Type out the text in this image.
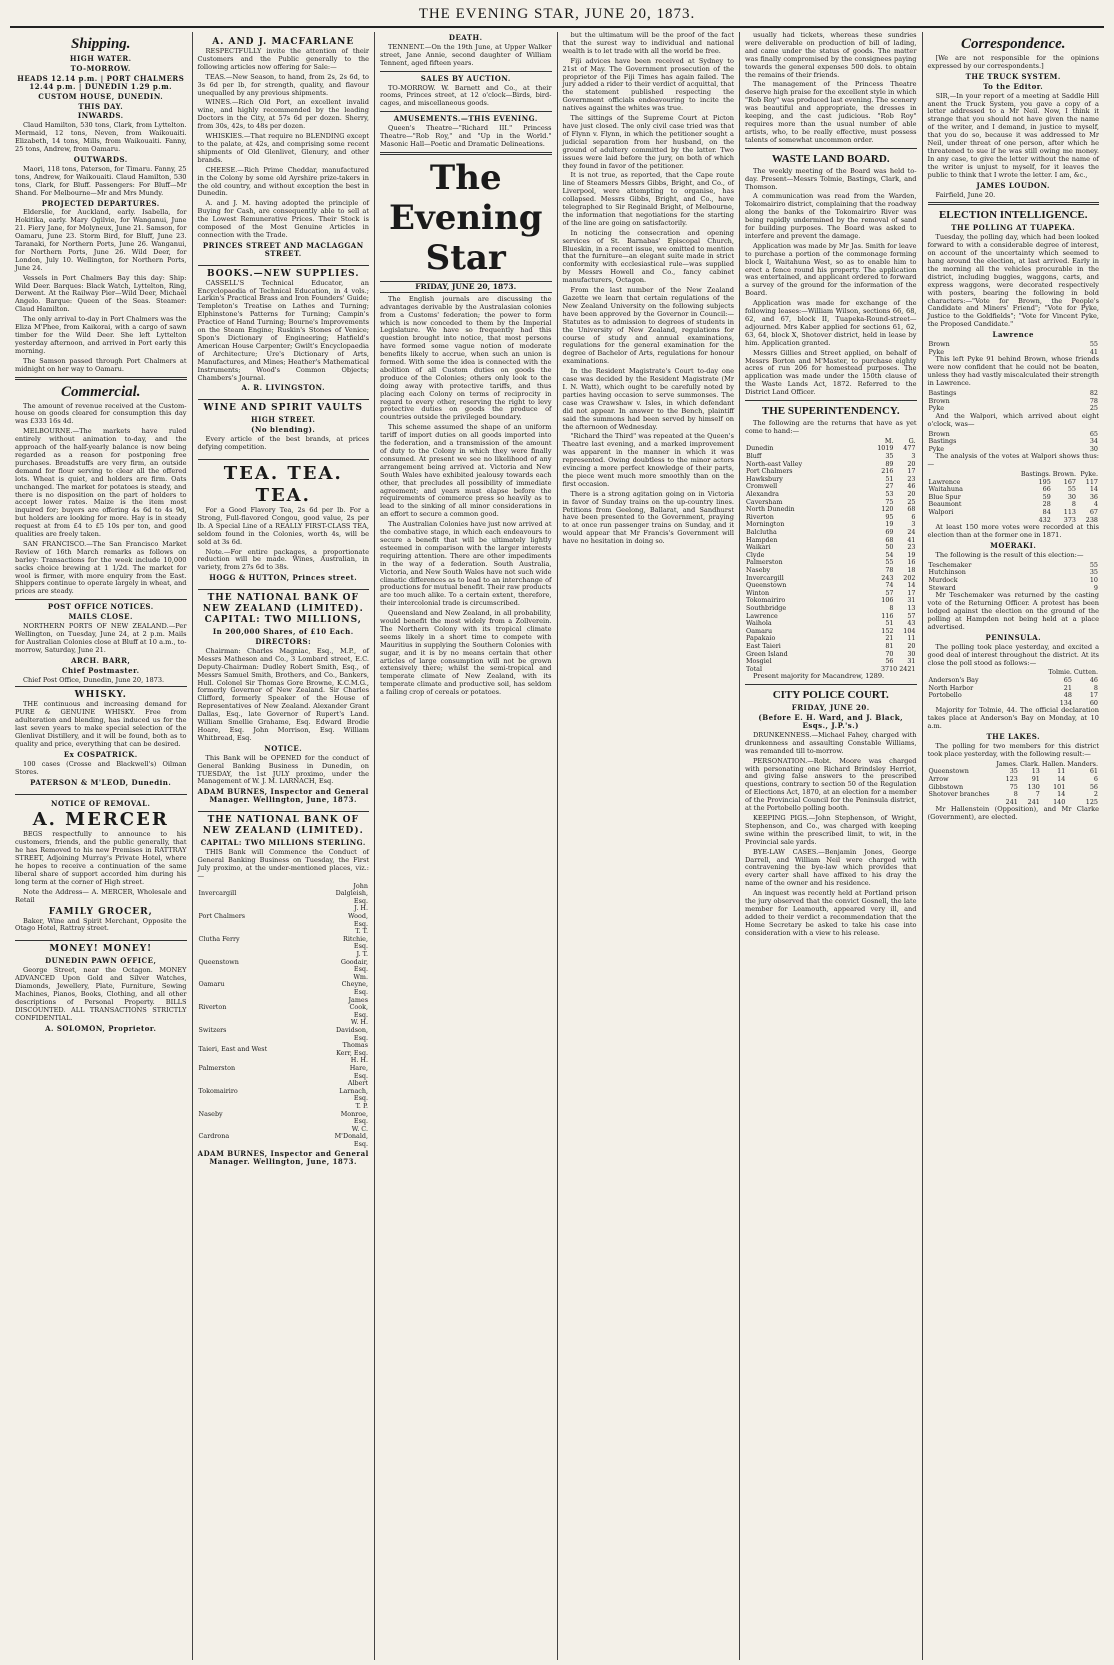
THE EVENING STAR, JUNE 20, 1873.
Shipping.
HIGH WATER.
TO-MORROW.
HEADS 12.14 p.m. | PORT CHALMERS 12.44 p.m. | DUNEDIN 1.29 p.m.
CUSTOM HOUSE, DUNEDIN.
THIS DAY.
INWARDS.

Claud Hamilton, 530 tons, Clark, from Lyttelton. Mermaid, 12 tons, Neven, from Waikouaiti. Elizabeth, 14 tons, Mills, from Waikouaiti. Fanny, 25 tons, Andrew, from Oamaru.

OUTWARDS.

Maori, 118 tons, Paterson, for Timaru. Fanny, 25 tons, Andrew, for Waikouaiti. Claud Hamilton, 530 tons, Clark, for Bluff. Passengers: For Bluff—Mr Shand. For Melbourne—Mr and Mrs Mundy.

PROJECTED DEPARTURES.

Elderslie, for Auckland, early. Isabella, for Hokitika, early. Mary Ogilvie, for Wanganui, June 21. Fiery Jane, for Molyneux, June 21. Samson, for Oamaru, June 23. Storm Bird, for Bluff, June 23. Taranaki, for Northern Ports, June 26. Wanganui, for Northern Ports, June 26. Wild Deer, for London, July 10. Wellington, for Northern Ports, June 24.

Vessels in Port Chalmers Bay this day: Ship: Wild Deer. Barques: Black Watch, Lyttelton, Ring, Derwent. At the Railway Pier—Wild Deer, Michael Angelo. Barque: Queen of the Seas. Steamer: Claud Hamilton.

The only arrival to-day in Port Chalmers was the Eliza M'Phee, from Kaikorai, with a cargo of sawn timber for the Wild Deer. She left Lyttelton yesterday afternoon, and arrived in Port early this morning.

The Samson passed through Port Chalmers at midnight on her way to Oamaru.

Commercial.

The amount of revenue received at the Custom-house on goods cleared for consumption this day was £333 16s 4d.

MELBOURNE.—The markets have ruled entirely without animation to-day, and the approach of the half-yearly balance is now being regarded as a reason for postponing free purchases. Breadstuffs are very firm, an outside demand for flour serving to clear all the offered lots. Wheat is quiet, and holders are firm. Oats unchanged. The market for potatoes is steady, and there is no disposition on the part of holders to accept lower rates. Maize is the item most inquired for; buyers are offering 4s 6d to 4s 9d, but holders are looking for more. Hay is in steady request at from £4 to £5 10s per ton, and good qualities are freely taken.

SAN FRANCISCO.—The San Francisco Market Review of 16th March remarks as follows on barley: Transactions for the week include 10,000 sacks choice brewing at 1 1/2d. The market for wool is firmer, with more enquiry from the East. Shippers continue to operate largely in wheat, and prices are steady.

POST OFFICE NOTICES.
MAILS CLOSE.

NORTHERN PORTS OF NEW ZEALAND.—Per Wellington, on Tuesday, June 24, at 2 p.m. Mails for Australian Colonies close at Bluff at 10 a.m., to-morrow, Saturday, June 21.

ARCH. BARR,
Chief Postmaster.

Chief Post Office, Dunedin, June 20, 1873.

WHISKY.

THE continuous and increasing demand for PURE & GENUINE WHISKY. Free from adulteration and blending, has induced us for the last seven years to make special selection of the Glenlivat Distillery, and it will be found, both as to quality and price, everything that can be desired.

Ex COSPATRICK.

100 cases (Crosse and Blackwell's) Oilman Stores.

PATERSON & M'LEOD, Dunedin.
NOTICE OF REMOVAL.
A. MERCER

BEGS respectfully to announce to his customers, friends, and the public generally, that he has Removed to his new Premises in RATTRAY STREET, Adjoining Murray's Private Hotel, where he hopes to receive a continuation of the same liberal share of support accorded him during his long term at the corner of High street.

Note the Address— A. MERCER, Wholesale and Retail

FAMILY GROCER,

Baker, Wine and Spirit Merchant, Opposite the Otago Hotel, Rattray street.

MONEY! MONEY!
DUNEDIN PAWN OFFICE,

George Street, near the Octagon. MONEY ADVANCED Upon Gold and Silver Watches, Diamonds, Jewellery, Plate, Furniture, Sewing Machines, Pianos, Books, Clothing, and all other descriptions of Personal Property. BILLS DISCOUNTED. ALL TRANSACTIONS STRICTLY CONFIDENTIAL.

A. SOLOMON, Proprietor.
A. AND J. MACFARLANE

RESPECTFULLY invite the attention of their Customers and the Public generally to the following articles now offering for Sale:—

TEAS.—New Season, to hand, from 2s, 2s 6d, to 3s 6d per lb, for strength, quality, and flavour unequalled by any previous shipments.

WINES.—Rich Old Port, an excellent invalid wine, and highly recommended by the leading Doctors in the City, at 57s 6d per dozen. Sherry, from 30s, 42s, to 48s per dozen.

WHISKIES.—That require no BLENDING except to the palate, at 42s, and comprising some recent shipments of Old Glenlivet, Glenury, and other brands.

CHEESE.—Rich Prime Cheddar, manufactured in the Colony by some old Ayrshire prize-takers in the old country, and without exception the best in Dunedin.

A. and J. M. having adopted the principle of Buying for Cash, are consequently able to sell at the Lowest Remunerative Prices. Their Stock is composed of the Most Genuine Articles in connection with the Trade.

PRINCES STREET AND MACLAGGAN STREET.
BOOKS.—NEW SUPPLIES.

CASSELL'S Technical Educator, an Encyclopaedia of Technical Education, in 4 vols.; Larkin's Practical Brass and Iron Founders' Guide; Templeton's Treatise on Lathes and Turning; Elphinstone's Patterns for Turning; Campin's Practice of Hand Turning; Bourne's Improvements on the Steam Engine; Ruskin's Stones of Venice; Spon's Dictionary of Engineering; Hatfield's American House Carpenter; Gwilt's Encyclopaedia of Architecture; Ure's Dictionary of Arts, Manufactures, and Mines; Heather's Mathematical Instruments; Wood's Common Objects; Chambers's Journal.

A. R. LIVINGSTON.
WINE AND SPIRIT VAULTS
HIGH STREET.
(No blending).

Every article of the best brands, at prices defying competition.

TEA. TEA. TEA.

For a Good Flavory Tea, 2s 6d per lb. For a Strong, Full-flavored Congou, good value, 2s per lb. A Special Line of a REALLY FIRST-CLASS TEA, seldom found in the Colonies, worth 4s, will be sold at 3s 6d.

Note.—For entire packages, a proportionate reduction will be made. Wines, Australian, in variety, from 27s 6d to 38s.

HOGG & HUTTON, Princes street.
THE NATIONAL BANK OF NEW ZEALAND (LIMITED).
CAPITAL: TWO MILLIONS,
In 200,000 Shares, of £10 Each.
DIRECTORS:

Chairman: Charles Magniac, Esq., M.P., of Messrs Matheson and Co., 3 Lombard street, E.C. Deputy-Chairman: Dudley Robert Smith, Esq., of Messrs Samuel Smith, Brothers, and Co., Bankers, Hull. Colonel Sir Thomas Gore Browne, K.C.M.G., formerly Governor of New Zealand. Sir Charles Clifford, formerly Speaker of the House of Representatives of New Zealand. Alexander Grant Dallas, Esq., late Governor of Rupert's Land. William Smellie Grahame, Esq. Edward Brodie Hoare, Esq. John Morrison, Esq. William Whitbread, Esq.

NOTICE.

This Bank will be OPENED for the conduct of General Banking Business in Dunedin, on TUESDAY, the 1st JULY proximo, under the Management of W. J. M. LARNACH, Esq.

ADAM BURNES, Inspector and General Manager. Wellington, June, 1873.
THE NATIONAL BANK OF NEW ZEALAND (LIMITED).
CAPITAL: TWO MILLIONS STERLING.

THIS Bank will Commence the Conduct of General Banking Business on Tuesday, the First July proximo, at the under-mentioned places, viz.:—

Invercargill	John Dalgleish, Esq.
Port Chalmers	J. H. Wood, Esq.
Clutha Ferry	T. T. Ritchie, Esq.
Queenstown	J. T. Goodair, Esq.
Oamaru	Wm. Cheyne, Esq.
Riverton	James Cook, Esq.
Switzers	W. H. Davidson, Esq.
Taieri, East and West	Thomas Kerr, Esq.
Palmerston	H. H. Hare, Esq.
Tokomairiro	Albert Larnach, Esq.
Naseby	T. P. Monroe, Esq.
Cardrona	W. C. M'Donald, Esq.
ADAM BURNES, Inspector and General Manager. Wellington, June, 1873.
DEATH.

TENNENT.—On the 19th June, at Upper Walker street, Jane Annie, second daughter of William Tennent, aged fifteen years.

SALES BY AUCTION.

TO-MORROW. W. Barnett and Co., at their rooms, Princes street, at 12 o'clock—Birds, bird-cages, and miscellaneous goods.

AMUSEMENTS.—THIS EVENING.

Queen's Theatre—"Richard III." Princess Theatre—"Rob Roy," and "Up in the World." Masonic Hall—Poetic and Dramatic Delineations.

The Evening Star
FRIDAY, JUNE 20, 1873.

The English journals are discussing the advantages derivable by the Australasian colonies from a Customs' federation; the power to form which is now conceded to them by the Imperial Legislature. We have so frequently had this question brought into notice, that most persons have formed some vague notion of moderate benefits likely to accrue, when such an union is formed. With some the idea is connected with the abolition of all Custom duties on goods the produce of the Colonies; others only look to the doing away with protective tariffs, and thus placing each Colony on terms of reciprocity in regard to every other, reserving the right to levy protective duties on goods the produce of countries outside the privileged boundary.

This scheme assumed the shape of an uniform tariff of import duties on all goods imported into the federation, and a transmission of the amount of duty to the Colony in which they were finally consumed. At present we see no likelihood of any arrangement being arrived at. Victoria and New South Wales have exhibited jealousy towards each other, that precludes all possibility of immediate agreement; and years must elapse before the requirements of commerce press so heavily as to lead to the sinking of all minor considerations in an effort to secure a common good.

The Australian Colonies have just now arrived at the combative stage, in which each endeavours to secure a benefit that will be ultimately lightly esteemed in comparison with the larger interests requiring attention. There are other impediments in the way of a federation. South Australia, Victoria, and New South Wales have not such wide climatic differences as to lead to an interchange of productions for mutual benefit. Their raw products are too much alike. To a certain extent, therefore, their intercolonial trade is circumscribed.

Queensland and New Zealand, in all probability, would benefit the most widely from a Zollverein. The Northern Colony with its tropical climate seems likely in a short time to compete with Mauritius in supplying the Southern Colonies with sugar, and it is by no means certain that other articles of large consumption will not be grown extensively there; whilst the semi-tropical and temperate climate of New Zealand, with its temperate climate and productive soil, has seldom a failing crop of cereals or potatoes.

but the ultimatum will be the proof of the fact that the surest way to individual and national wealth is to let trade with all the world be free.

Fiji advices have been received at Sydney to 21st of May. The Government prosecution of the proprietor of the Fiji Times has again failed. The jury added a rider to their verdict of acquittal, that the statement published respecting the Government officials endeavouring to incite the natives against the whites was true.

The sittings of the Supreme Court at Picton have just closed. The only civil case tried was that of Flynn v. Flynn, in which the petitioner sought a judicial separation from her husband, on the ground of adultery committed by the latter. Two issues were laid before the jury, on both of which they found in favor of the petitioner.

It is not true, as reported, that the Cape route line of Steamers Messrs Gibbs, Bright, and Co., of Liverpool, were attempting to organise, has collapsed. Messrs Gibbs, Bright, and Co., have telegraphed to Sir Reginald Bright, of Melbourne, the information that negotiations for the starting of the line are going on satisfactorily.

In noticing the consecration and opening services of St. Barnabas' Episcopal Church, Blueskin, in a recent issue, we omitted to mention that the furniture—an elegant suite made in strict conformity with ecclesiastical rule—was supplied by Messrs Howell and Co., fancy cabinet manufacturers, Octagon.

From the last number of the New Zealand Gazette we learn that certain regulations of the New Zealand University on the following subjects have been approved by the Governor in Council:—Statutes as to admission to degrees of students in the University of New Zealand, regulations for course of study and annual examinations, regulations for the general examination for the degree of Bachelor of Arts, regulations for honour examinations.

In the Resident Magistrate's Court to-day one case was decided by the Resident Magistrate (Mr I. N. Watt), which ought to be carefully noted by parties having occasion to serve summonses. The case was Crawshaw v. Isles, in which defendant did not appear. In answer to the Bench, plaintiff said the summons had been served by himself on the afternoon of Wednesday.

"Richard the Third" was repeated at the Queen's Theatre last evening, and a marked improvement was apparent in the manner in which it was represented. Owing doubtless to the minor actors evincing a more perfect knowledge of their parts, the piece went much more smoothly than on the first occasion.

There is a strong agitation going on in Victoria in favor of Sunday trains on the up-country lines. Petitions from Geelong, Ballarat, and Sandhurst have been presented to the Government, praying to at once run passenger trains on Sunday, and it would appear that Mr Francis's Government will have no hesitation in doing so.

usually had tickets, whereas these sundries were deliverable on production of bill of lading, and came under the status of goods. The matter was finally compromised by the consignees paying towards the general expenses 500 dols. to obtain the remains of their friends.

The management of the Princess Theatre deserve high praise for the excellent style in which "Rob Roy" was produced last evening. The scenery was beautiful and appropriate, the dresses in keeping, and the cast judicious. "Rob Roy" requires more than the usual number of able artists, who, to be really effective, must possess talents of somewhat uncommon order.

WASTE LAND BOARD.

The weekly meeting of the Board was held to-day. Present—Messrs Tolmie, Bastings, Clark, and Thomson.

A communication was read from the Warden, Tokomairiro district, complaining that the roadway along the banks of the Tokomairiro River was being rapidly undermined by the removal of sand for building purposes. The Board was asked to interfere and prevent the damage.

Application was made by Mr Jas. Smith for leave to purchase a portion of the commonage forming block I, Waitahuna West, so as to enable him to erect a fence round his property. The application was entertained, and applicant ordered to forward a survey of the ground for the information of the Board.

Application was made for exchange of the following leases:—William Wilson, sections 66, 68, 62, and 67, block II, Tuapeka-Round-street—adjourned. Mrs Kaber applied for sections 61, 62, 63, 64, block X, Shotover district, held in lease by him. Application granted.

Messrs Gillies and Street applied, on behalf of Messrs Borton and M'Master, to purchase eighty acres of run 206 for homestead purposes. The application was made under the 150th clause of the Waste Lands Act, 1872. Referred to the District Land Officer.

THE SUPERINTENDENCY.

The following are the returns that have as yet come to hand:—

	M.	G.
Dunedin	1019	477
Bluff	35	3
North-east Valley	89	20
Port Chalmers	216	17
Hawksbury	51	23
Cromwell	27	46
Alexandra	53	20
Caversham	75	25
North Dunedin	120	68
Riverton	95	6
Mornington	19	3
Balclutha	69	24
Hampden	68	41
Waikari	50	23
Clyde	54	19
Palmerston	55	16
Naseby	78	18
Invercargill	243	202
Queenstown	74	14
Winton	57	17
Tokomairiro	106	31
Southbridge	8	13
Lawrence	116	57
Waihola	51	43
Oamaru	152	104
Papakaio	21	11
East Taieri	81	20
Green Island	70	30
Mosgiel	56	31
Total	3710 2421

Present majority for Macandrew, 1289.

CITY POLICE COURT.
FRIDAY, JUNE 20.
(Before E. H. Ward, and J. Black, Esqs., J.P.'s.)

DRUNKENNESS.—Michael Fahey, charged with drunkenness and assaulting Constable Williams, was remanded till to-morrow.

PERSONATION.—Robt. Moore was charged with personating one Richard Brindsley Herriot, and giving false answers to the prescribed questions, contrary to section 50 of the Regulation of Elections Act, 1870, at an election for a member of the Provincial Council for the Peninsula district, at the Portobello polling booth.

KEEPING PIGS.—John Stephenson, of Wright, Stephenson, and Co., was charged with keeping swine within the prescribed limit, to wit, in the Provincial sale yards.

BYE-LAW CASES.—Benjamin Jones, George Darrell, and William Neil were charged with contravening the bye-law which provides that every carter shall have affixed to his dray the name of the owner and his residence.

An inquest was recently held at Portland prison the jury observed that the convict Gosnell, the late member for Leamouth, appeared very ill, and added to their verdict a recommendation that the Home Secretary be asked to take his case into consideration with a view to his release.

Correspondence.

[We are not responsible for the opinions expressed by our correspondents.]

THE TRUCK SYSTEM.
To the Editor.

SIR,—In your report of a meeting at Saddle Hill anent the Truck System, you gave a copy of a letter addressed to a Mr Neil. Now, I think it strange that you should not have given the name of the writer, and I demand, in justice to myself, that you do so, because it was addressed to Mr Neil, under threat of one person, after which he threatened to sue if he was still owing me money. In any case, to give the letter without the name of the writer is unjust to myself, for it leaves the public to think that I wrote the letter. I am, &c.,

JAMES LOUDON.

Fairfield, June 20.

ELECTION INTELLIGENCE.
THE POLLING AT TUAPEKA.

Tuesday, the polling day, which had been looked forward to with a considerable degree of interest, on account of the uncertainty which seemed to hang around the election, at last arrived. Early in the morning all the vehicles procurable in the district, including buggies, waggons, carts, and express waggons, were decorated respectively with posters, bearing the following in bold characters:—"Vote for Brown, the People's Candidate and Miners' Friend"; "Vote for Pyke, Justice to the Goldfields"; "Vote for Vincent Pyke, the Proposed Candidate."

Lawrence
Brown	55
Pyke	41

This left Pyke 91 behind Brown, whose friends were now confident that he could not be beaten, unless they had vastly miscalculated their strength in Lawrence.

Bastings	82
Brown	78
Pyke	25

And the Walpori, which arrived about eight o'clock, was—

Brown	65
Bastings	34
Pyke	30

The analysis of the votes at Walpori shows thus:—

	Bastings.	Brown.	Pyke.
Lawrence	195	167	117
Waitahuna	66	55	14
Blue Spur	59	30	36
Beaumont	28	8	4
Walpori	84	113	67
	432	373	238

At least 150 more votes were recorded at this election than at the former one in 1871.

MOERAKI.

The following is the result of this election:—

Teschemaker	55
Hutchinson	35
Murdock	10
Steward	9

Mr Teschemaker was returned by the casting vote of the Returning Officer. A protest has been lodged against the election on the ground of the polling at Hampden not being held at a place advertised.

PENINSULA.

The polling took place yesterday, and excited a good deal of interest throughout the district. At its close the poll stood as follows:—

	Tolmie.	Cutten.
Anderson's Bay	65	46
North Harbor	21	8
Portobello	48	17
	134	60

Majority for Tolmie, 44. The official declaration takes place at Anderson's Bay on Monday, at 10 a.m.

THE LAKES.

The polling for two members for this district took place yesterday, with the following result:—

	James.	Clark.	Hallen.	Manders.
Queenstown	35	13	11	61
Arrow	123	91	14	6
Gibbstown	75	130	101	56
Shotover branches	8	7	14	2
	241	241	140	125

Mr Hallenstein (Opposition), and Mr Clarke (Government), are elected.
